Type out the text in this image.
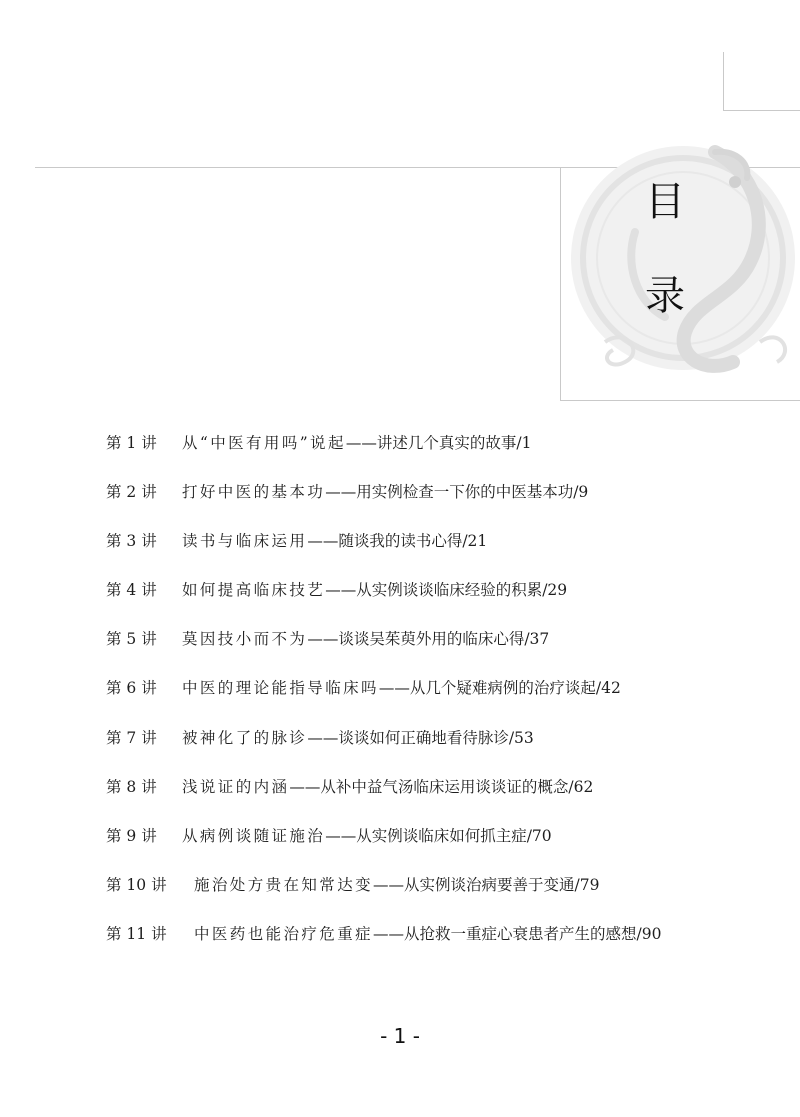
目
录
第 1 讲 从“中医有用吗”说起——讲述几个真实的故事/1
第 2 讲 打好中医的基本功——用实例检查一下你的中医基本功/9
第 3 讲 读书与临床运用——随谈我的读书心得/21
第 4 讲 如何提高临床技艺——从实例谈谈临床经验的积累/29
第 5 讲 莫因技小而不为——谈谈吴茱萸外用的临床心得/37
第 6 讲 中医的理论能指导临床吗——从几个疑难病例的治疗谈起/42
第 7 讲 被神化了的脉诊——谈谈如何正确地看待脉诊/53
第 8 讲 浅说证的内涵——从补中益气汤临床运用谈谈证的概念/62
第 9 讲 从病例谈随证施治——从实例谈临床如何抓主症/70
第 10 讲 施治处方贵在知常达变——从实例谈治病要善于变通/79
第 11 讲 中医药也能治疗危重症——从抢救一重症心衰患者产生的感想/90
- 1 -
